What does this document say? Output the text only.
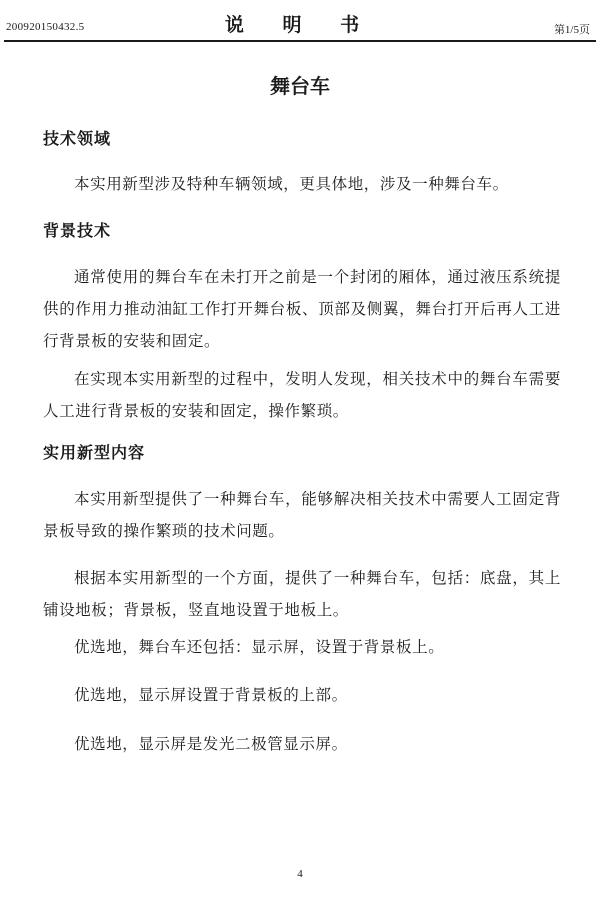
200920150432.5	说 明 书	第1/5页
舞台车
技术领域
本实用新型涉及特种车辆领域，更具体地，涉及一种舞台车。
背景技术
通常使用的舞台车在未打开之前是一个封闭的厢体，通过液压系统提供的作用力推动油缸工作打开舞台板、顶部及侧翼，舞台打开后再人工进行背景板的安装和固定。
在实现本实用新型的过程中，发明人发现，相关技术中的舞台车需要人工进行背景板的安装和固定，操作繁琐。
实用新型内容
本实用新型提供了一种舞台车，能够解决相关技术中需要人工固定背景板导致的操作繁琐的技术问题。
根据本实用新型的一个方面，提供了一种舞台车，包括：底盘，其上铺设地板；背景板，竖直地设置于地板上。
优选地，舞台车还包括：显示屏，设置于背景板上。
优选地，显示屏设置于背景板的上部。
优选地，显示屏是发光二极管显示屏。
4
